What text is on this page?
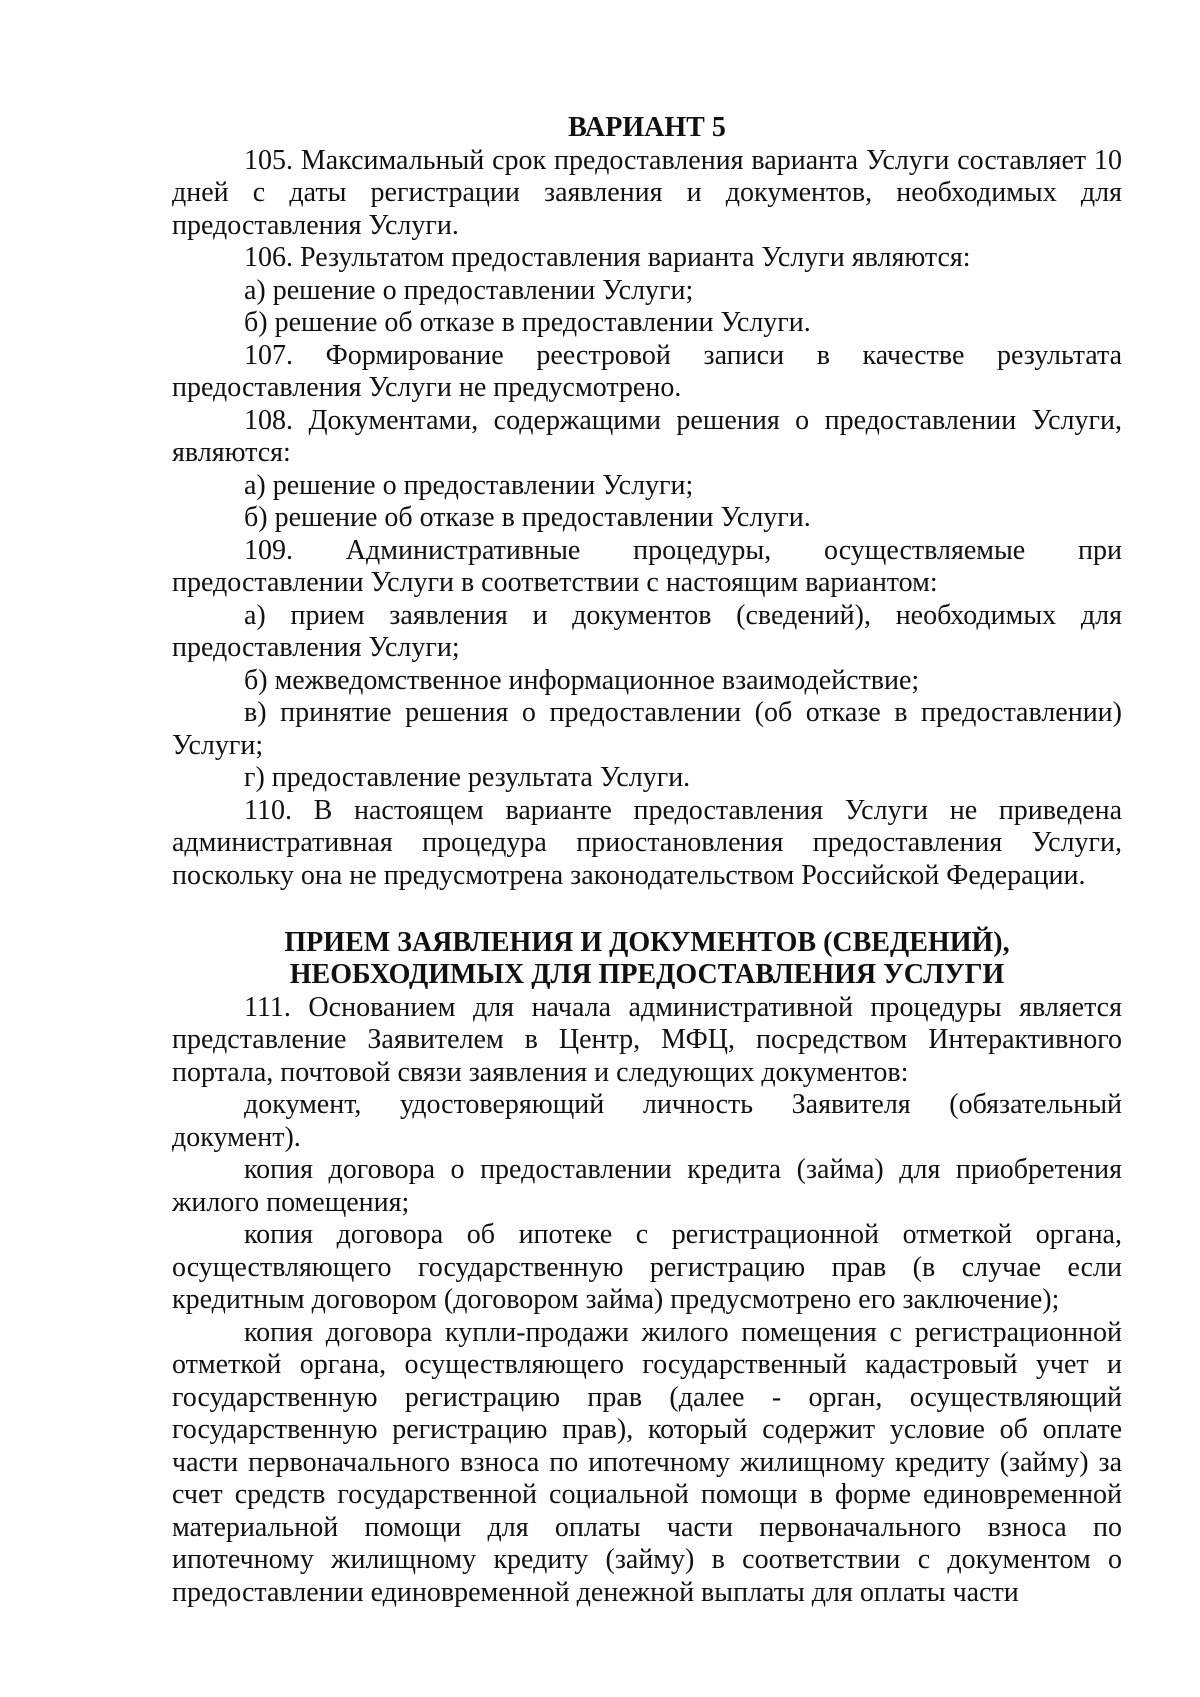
ВАРИАНТ 5

105. Максимальный срок предоставления варианта Услуги составляет 10 дней с даты регистрации заявления и документов, необходимых для предоставления Услуги.

106. Результатом предоставления варианта Услуги являются:

а) решение о предоставлении Услуги;

б) решение об отказе в предоставлении Услуги.

107. Формирование реестровой записи в качестве результата предоставления Услуги не предусмотрено.

108. Документами, содержащими решения о предоставлении Услуги, являются:

а) решение о предоставлении Услуги;

б) решение об отказе в предоставлении Услуги.

109. Административные процедуры, осуществляемые при предоставлении Услуги в соответствии с настоящим вариантом:

а) прием заявления и документов (сведений), необходимых для предоставления Услуги;

б) межведомственное информационное взаимодействие;

в) принятие решения о предоставлении (об отказе в предоставлении) Услуги;

г) предоставление результата Услуги.

110. В настоящем варианте предоставления Услуги не приведена административная процедура приостановления предоставления Услуги, поскольку она не предусмотрена законодательством Российской Федерации.

ПРИЕМ ЗАЯВЛЕНИЯ И ДОКУМЕНТОВ (СВЕДЕНИЙ),

НЕОБХОДИМЫХ ДЛЯ ПРЕДОСТАВЛЕНИЯ УСЛУГИ

111. Основанием для начала административной процедуры является представление Заявителем в Центр, МФЦ, посредством Интерактивного портала, почтовой связи заявления и следующих документов:

документ, удостоверяющий личность Заявителя (обязательный документ).

копия договора о предоставлении кредита (займа) для приобретения жилого помещения;

копия договора об ипотеке с регистрационной отметкой органа, осуществляющего государственную регистрацию прав (в случае если кредитным договором (договором займа) предусмотрено его заключение);

копия договора купли-продажи жилого помещения с регистрационной отметкой органа, осуществляющего государственный кадастровый учет и государственную регистрацию прав (далее - орган, осуществляющий государственную регистрацию прав), который содержит условие об оплате части первоначального взноса по ипотечному жилищному кредиту (займу) за счет средств государственной социальной помощи в форме единовременной материальной помощи для оплаты части первоначального взноса по ипотечному жилищному кредиту (займу) в соответствии с документом о предоставлении единовременной денежной выплаты для оплаты части
